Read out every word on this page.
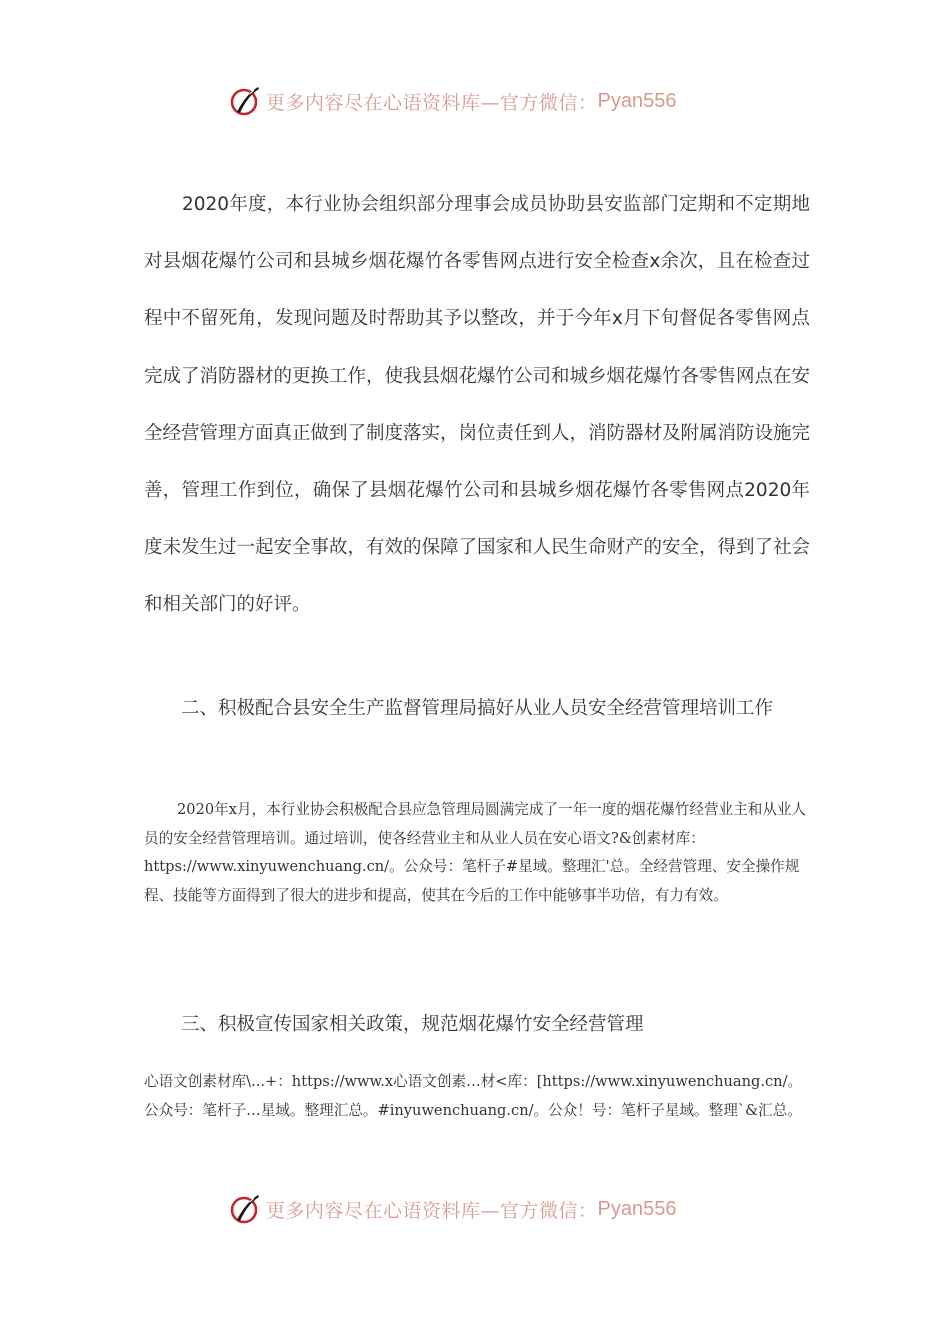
更多内容尽在心语资料库—官方微信： Pyan556

2020年度，本行业协会组织部分理事会成员协助县安监部门定期和不定期地对县烟花爆竹公司和县城乡烟花爆竹各零售网点进行安全检查x余次，且在检查过程中不留死角，发现问题及时帮助其予以整改，并于今年x月下旬督促各零售网点完成了消防器材的更换工作，使我县烟花爆竹公司和城乡烟花爆竹各零售网点在安全经营管理方面真正做到了制度落实，岗位责任到人，消防器材及附属消防设施完善，管理工作到位，确保了县烟花爆竹公司和县城乡烟花爆竹各零售网点2020年度未发生过一起安全事故，有效的保障了国家和人民生命财产的安全，得到了社会和相关部门的好评。

二、积极配合县安全生产监督管理局搞好从业人员安全经营管理培训工作

2020年x月，本行业协会积极配合县应急管理局圆满完成了一年一度的烟花爆竹经营业主和从业人员的安全经营管理培训。通过培训，使各经营业主和从业人员在安心语文?&创素材库：https://www.xinyuwenchuang.cn/。公众号：笔杆子#星域。整理汇'总。全经营管理、安全操作规程、技能等方面得到了很大的进步和提高，使其在今后的工作中能够事半功倍，有力有效。

三、积极宣传国家相关政策，规范烟花爆竹安全经营管理

心语文创素材库\...+：https://www.x心语文创素…材<库：[https://www.xinyuwenchuang.cn/。公众号：笔杆子…星域。整理汇总。#inyuwenchuang.cn/。公众！号：笔杆子星域。整理`&汇总。

更多内容尽在心语资料库—官方微信： Pyan556
